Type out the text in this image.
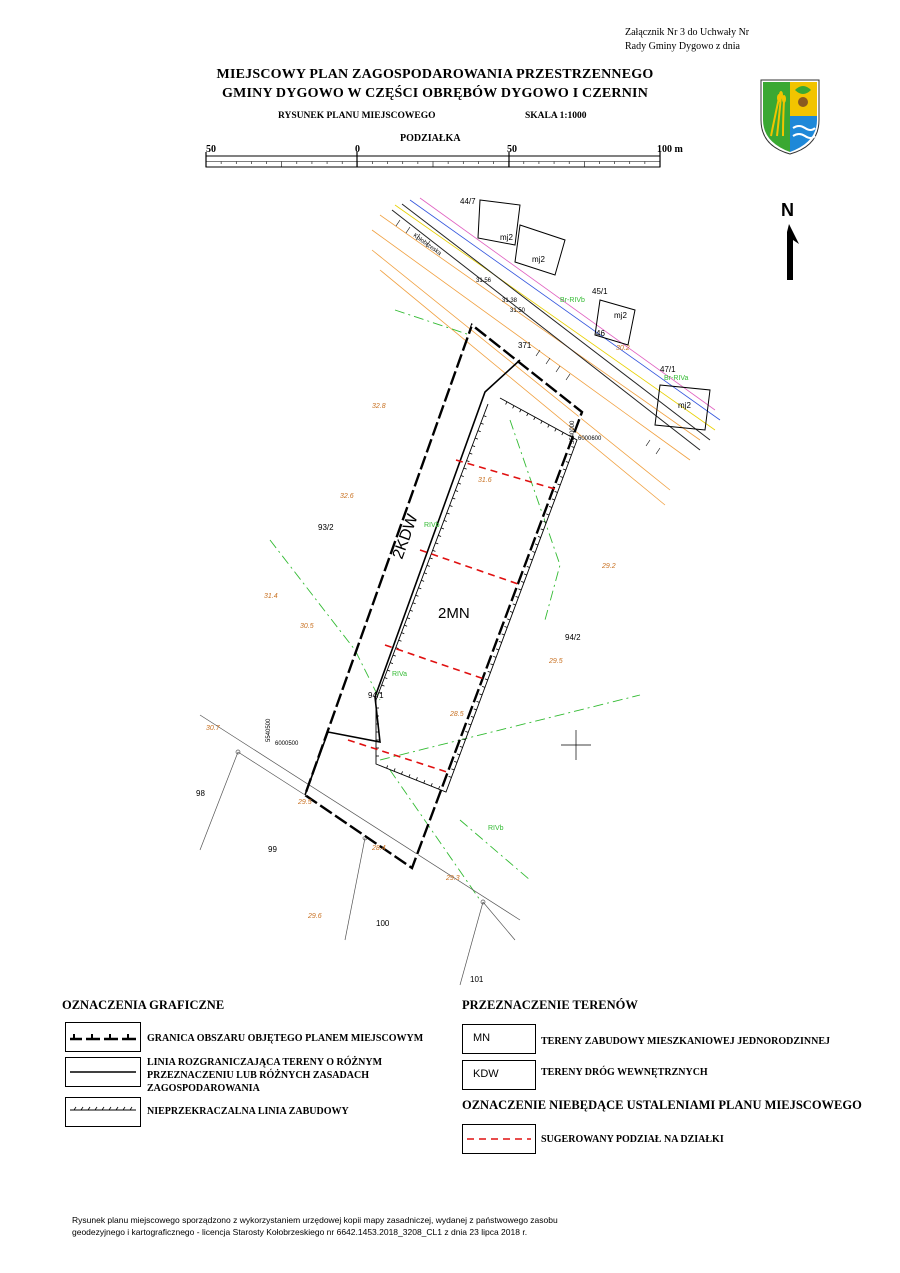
Załącznik Nr 3 do Uchwały Nr
Rady Gminy Dygowo z dnia
MIEJSCOWY PLAN ZAGOSPODAROWANIA PRZESTRZENNEGO
GMINY DYGOWO W CZĘŚCI OBRĘBÓW DYGOWO I CZERNIN
RYSUNEK PLANU MIEJSCOWEGO	SKALA 1:1000
PODZIAŁKA
50	0	50	100 m
N
2KDW
2MN
93/2
94/2
94/1
98
99
100
101
45/1
46
47/1
44/7
371
mj2
mj2
mj2
mj2
RIVb
RIVa
RIVb
Br-RIVb
Br-RIVa
32.8
32.6
31.6
31.4
30.5
29.5
28.5
28.4
30.7
29.5
29.3
29.2
29.6
30.2
31.56
31.38
31.50
5540500
6000500
5540000 6000600
Kołobrzeska
OZNACZENIA GRAFICZNE
GRANICA OBSZARU OBJĘTEGO PLANEM MIEJSCOWYM
LINIA ROZGRANICZAJĄCA TERENY O RÓŻNYM PRZEZNACZENIU LUB RÓŻNYCH ZASADACH ZAGOSPODAROWANIA
NIEPRZEKRACZALNA LINIA ZABUDOWY
PRZEZNACZENIE TERENÓW
MN	TERENY ZABUDOWY MIESZKANIOWEJ JEDNORODZINNEJ
KDW	TERENY DRÓG WEWNĘTRZNYCH
OZNACZENIE NIEBĘDĄCE USTALENIAMI PLANU MIEJSCOWEGO
SUGEROWANY PODZIAŁ NA DZIAŁKI
Rysunek planu miejscowego sporządzono z wykorzystaniem urzędowej kopii mapy zasadniczej, wydanej z państwowego zasobu
geodezyjnego i kartograficznego - licencja Starosty Kołobrzeskiego nr 6642.1453.2018_3208_CL1 z dnia 23 lipca 2018 r.
